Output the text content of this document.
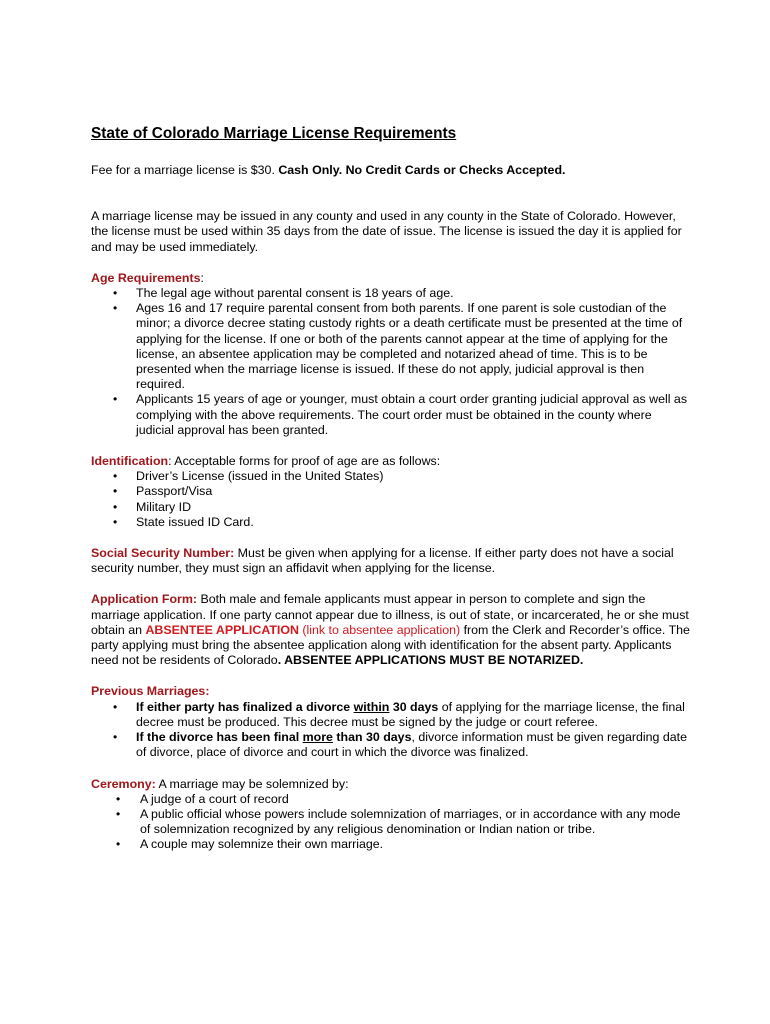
State of Colorado Marriage License Requirements

Fee for a marriage license is $30. Cash Only. No Credit Cards or Checks Accepted.

A marriage license may be issued in any county and used in any county in the State of Colorado. However, the license must be used within 35 days from the date of issue. The license is issued the day it is applied for and may be used immediately.

Age Requirements:

• The legal age without parental consent is 18 years of age.
• Ages 16 and 17 require parental consent from both parents. If one parent is sole custodian of the minor; a divorce decree stating custody rights or a death certificate must be presented at the time of applying for the license. If one or both of the parents cannot appear at the time of applying for the license, an absentee application may be completed and notarized ahead of time. This is to be presented when the marriage license is issued. If these do not apply, judicial approval is then required.
• Applicants 15 years of age or younger, must obtain a court order granting judicial approval as well as complying with the above requirements. The court order must be obtained in the county where judicial approval has been granted.

Identification: Acceptable forms for proof of age are as follows:

• Driver’s License (issued in the United States)
• Passport/Visa
• Military ID
• State issued ID Card.

Social Security Number: Must be given when applying for a license. If either party does not have a social security number, they must sign an affidavit when applying for the license.

Application Form: Both male and female applicants must appear in person to complete and sign the marriage application. If one party cannot appear due to illness, is out of state, or incarcerated, he or she must obtain an ABSENTEE APPLICATION (link to absentee application) from the Clerk and Recorder’s office. The party applying must bring the absentee application along with identification for the absent party. Applicants need not be residents of Colorado. ABSENTEE APPLICATIONS MUST BE NOTARIZED.

Previous Marriages:

• If either party has finalized a divorce within 30 days of applying for the marriage license, the final decree must be produced. This decree must be signed by the judge or court referee.
• If the divorce has been final more than 30 days, divorce information must be given regarding date of divorce, place of divorce and court in which the divorce was finalized.

Ceremony: A marriage may be solemnized by:

• A judge of a court of record
• A public official whose powers include solemnization of marriages, or in accordance with any mode of solemnization recognized by any religious denomination or Indian nation or tribe.
• A couple may solemnize their own marriage.
